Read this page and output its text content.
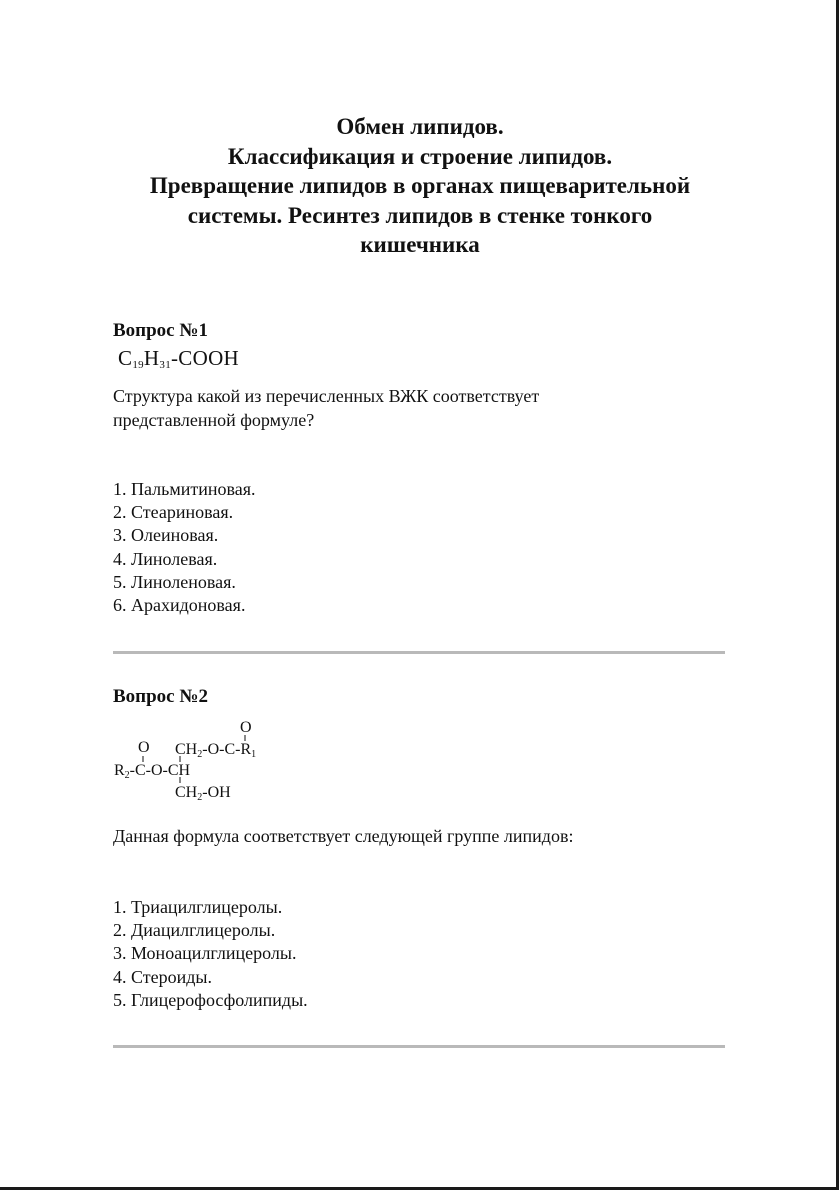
Обмен липидов.
Классификация и строение липидов.
Превращение липидов в органах пищеварительной
системы. Ресинтез липидов в стенке тонкого
кишечника
Вопрос №1
$C_{19}H_{31}$-COOH

Структура какой из перечисленных ВЖК соответствует
представленной формуле?

1. Пальмитиновая.
2. Стеариновая.
3. Олеиновая.
4. Линолевая.
5. Линоленовая.
6. Арахидоновая.
Вопрос №2
O
CH2-O-C-R1
O
R2-C-O-CH
CH2-OH

Данная формула соответствует следующей группе липидов:

1. Триацилглицеролы.
2. Диацилглицеролы.
3. Моноацилглицеролы.
4. Стероиды.
5. Глицерофосфолипиды.
